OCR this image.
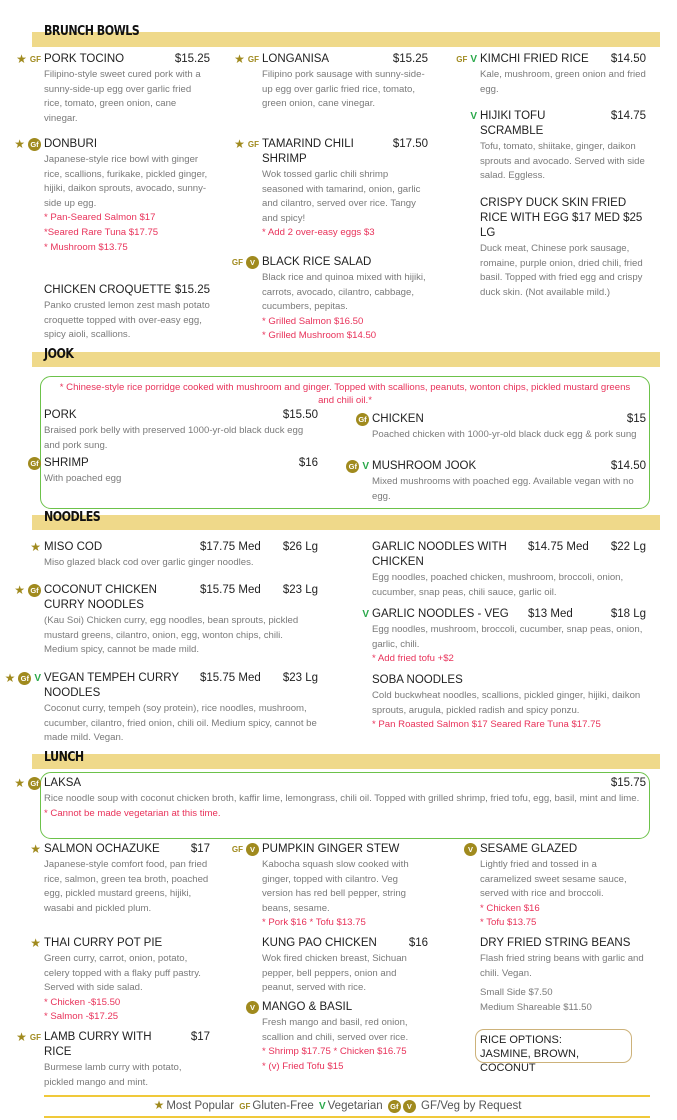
BRUNCH BOWLS
JOOK
* Chinese-style rice porridge cooked with mushroom and ginger. Topped with scallions, peanuts, wonton chips, pickled mustard greens and chili oil.*
NOODLES
LUNCH
Small Side $7.50
Medium Shareable $11.50
RICE OPTIONS:
JASMINE, BROWN, COCONUT
★ Most Popular GF Gluten-Free V Vegetarian Gf V GF/Veg by Request
★ GF PORK TOCINO	$15.25
Filipino-style sweet cured pork with a sunny-side-up egg over garlic fried rice, tomato, green onion, cane vinegar.
★ Gf DONBURI
Japanese-style rice bowl with ginger rice, scallions, furikake, pickled ginger, hijiki, daikon sprouts, avocado, sunny-side up egg.
* Pan-Seared Salmon $17
*Seared Rare Tuna $17.75
* Mushroom $13.75
CHICKEN CROQUETTE $15.25
Panko crusted lemon zest mash potato croquette topped with over-easy egg, spicy aioli, scallions.
★ GF LONGANISA	$15.25
Filipino pork sausage with sunny-side-up egg over garlic fried rice, tomato, green onion, cane vinegar.
★ GF TAMARIND CHILI SHRIMP
$17.50
Wok tossed garlic chili shrimp seasoned with tamarind, onion, garlic and cilantro, served over rice. Tangy and spicy!
* Add 2 over-easy eggs $3
GF V BLACK RICE SALAD
Black rice and quinoa mixed with hijiki, carrots, avocado, cilantro, cabbage, cucumbers, pepitas.
* Grilled Salmon $16.50
* Grilled Mushroom $14.50
GF V KIMCHI FRIED RICE $14.50
Kale, mushroom, green onion and fried egg.
V HIJIKI TOFU SCRAMBLE
$14.75
Tofu, tomato, shiitake, ginger, daikon sprouts and avocado. Served with side salad. Eggless.
CRISPY DUCK SKIN FRIED RICE WITH EGG $17 MED $25 LG
Duck meat, Chinese pork sausage, romaine, purple onion, dried chili, fried basil. Topped with fried egg and crispy duck skin. (Not available mild.)
PORK	$15.50
Braised pork belly with preserved 1000-yr-old black duck egg and pork sung.
Gf SHRIMP	$16
With poached egg
Gf CHICKEN	$15
Poached chicken with 1000-yr-old black duck egg & pork sung
Gf V MUSHROOM JOOK	$14.50
Mixed mushrooms with poached egg. Available vegan with no egg.
★ MISO COD	$17.75 Med $26 Lg
Miso glazed black cod over garlic ginger noodles.
★ Gf COCONUT CHICKEN CURRY NOODLES
$15.75 Med $23 Lg
(Kau Soi) Chicken curry, egg noodles, bean sprouts, pickled mustard greens, cilantro, onion, egg, wonton chips, chili. Medium spicy, cannot be made mild.
★ Gf V VEGAN TEMPEH CURRY NOODLES
$15.75 Med $23 Lg
Coconut curry, tempeh (soy protein), rice noodles, mushroom, cucumber, cilantro, fried onion, chili oil. Medium spicy, cannot be made mild. Vegan.
GARLIC NOODLES WITH CHICKEN
$14.75 Med $22 Lg
Egg noodles, poached chicken, mushroom, broccoli, onion, cucumber, snap peas, chili sauce, garlic oil.
V GARLIC NOODLES - VEG $13 Med	$18 Lg
Egg noodles, mushroom, broccoli, cucumber, snap peas, onion, garlic, chili.
* Add fried tofu +$2
SOBA NOODLES
Cold buckwheat noodles, scallions, pickled ginger, hijiki, daikon sprouts, arugula, pickled radish and spicy ponzu.
* Pan Roasted Salmon $17 Seared Rare Tuna $17.75
★ Gf LAKSA	$15.75
Rice noodle soup with coconut chicken broth, kaffir lime, lemongrass, chili oil. Topped with grilled shrimp, fried tofu, egg, basil, mint and lime.
* Cannot be made vegetarian at this time.
★ SALMON OCHAZUKE	$17
Japanese-style comfort food, pan fried rice, salmon, green tea broth, poached egg, pickled mustard greens, hijiki, wasabi and pickled plum.
★ THAI CURRY POT PIE
Green curry, carrot, onion, potato, celery topped with a flaky puff pastry. Served with side salad.
* Chicken -$15.50
* Salmon -$17.25
★ GF LAMB CURRY WITH RICE
$17
Burmese lamb curry with potato, pickled mango and mint.
GF V PUMPKIN GINGER STEW
Kabocha squash slow cooked with ginger, topped with cilantro. Veg version has red bell pepper, string beans, sesame.
* Pork $16 * Tofu $13.75
KUNG PAO CHICKEN	$16
Wok fired chicken breast, Sichuan pepper, bell peppers, onion and peanut, served with rice.
V MANGO & BASIL
Fresh mango and basil, red onion, scallion and chili, served over rice.
* Shrimp $17.75 * Chicken $16.75
* (v) Fried Tofu $15
V SESAME GLAZED
Lightly fried and tossed in a caramelized sweet sesame sauce, served with rice and broccoli.
* Chicken $16
* Tofu $13.75
DRY FRIED STRING BEANS
Flash fried string beans with garlic and chili. Vegan.
